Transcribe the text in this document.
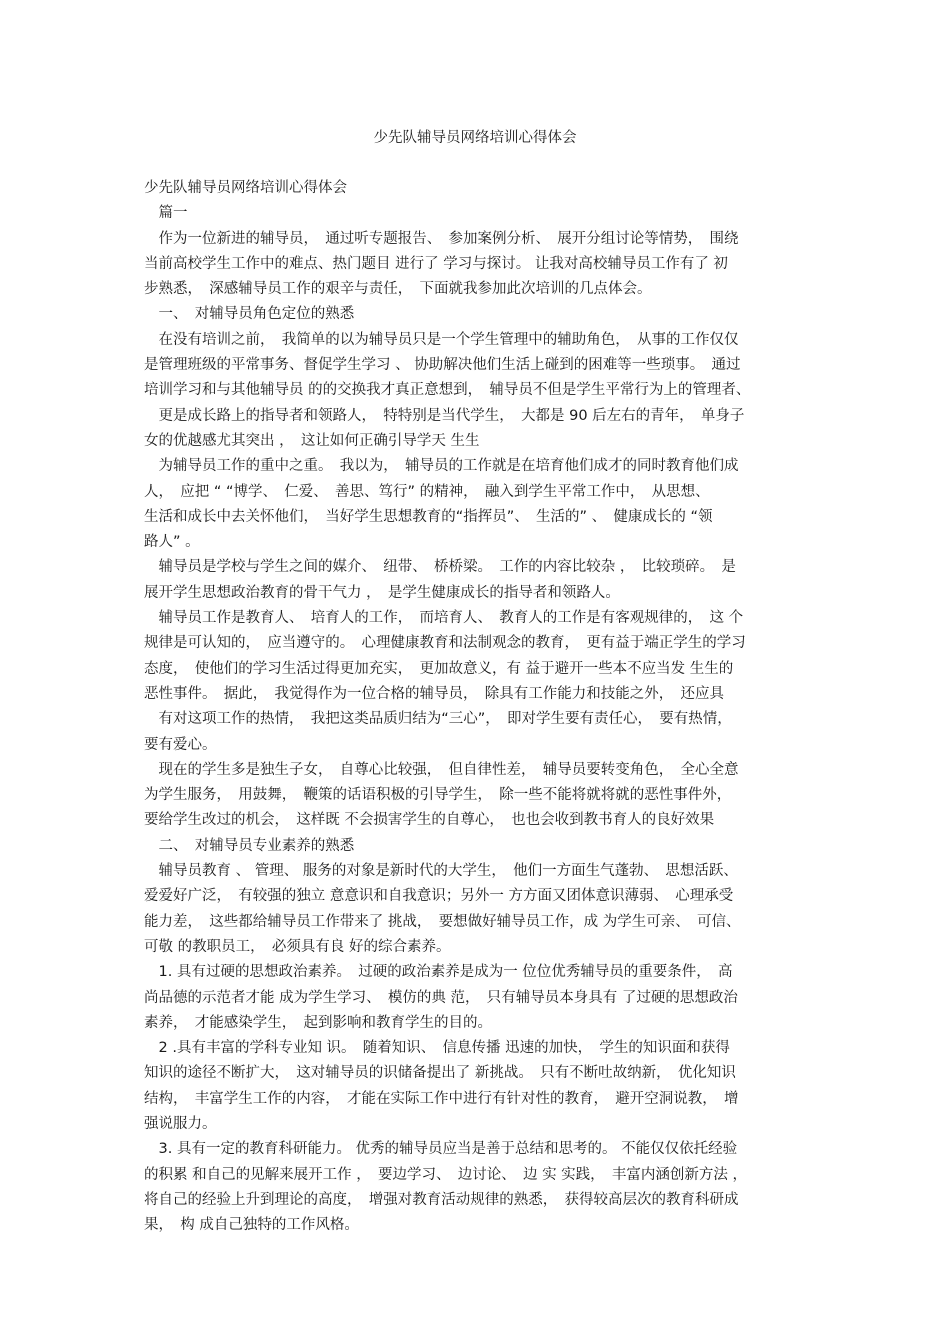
少先队辅导员网络培训心得体会
少先队辅导员网络培训心得体会
　篇一
　作为一位新进的辅导员，　通过听专题报告、　参加案例分析、　展开分组讨论等情势，　围绕
当前高校学生工作中的难点、热门题目 进行了 学习与探讨。 让我对高校辅导员工作有了 初
步熟悉，　深感辅导员工作的艰辛与责任，　下面就我参加此次培训的几点体会。
　一、　对辅导员角色定位的熟悉
　在没有培训之前，　我简单的以为辅导员只是一个学生管理中的辅助角色，　从事的工作仅仅
是管理班级的平常事务、督促学生学习 、 协助解决他们生活上碰到的困难等一些琐事。　通过
培训学习和与其他辅导员 的的交换我才真正意想到，　辅导员不但是学生平常行为上的管理者、
　更是成长路上的指导者和领路人，　特特别是当代学生，　大都是 90 后左右的青年，　单身子
女的优越感尤其突出 ，　这让如何正确引导学天 生生
　为辅导员工作的重中之重。　我以为，　辅导员的工作就是在培育他们成才的同时教育他们成
人，　应把 “ “博学、　仁爱、　善思、笃行” 的精神，　融入到学生平常工作中，　从思想、
生活和成长中去关怀他们，　当好学生思想教育的“指挥员”、　生活的” 、　健康成长的 “领
路人” 。
　辅导员是学校与学生之间的媒介、　纽带、　桥桥梁。　工作的内容比较杂 ，　比较琐碎。　是
展开学生思想政治教育的骨干气力 ，　是学生健康成长的指导者和领路人。
　辅导员工作是教育人、　培育人的工作，　而培育人、　教育人的工作是有客观规律的，　这 个
规律是可认知的，　应当遵守的。　心理健康教育和法制观念的教育，　更有益于端正学生的学习
态度，　使他们的学习生活过得更加充实，　更加故意义，有 益于避开一些本不应当发 生生的
恶性事件。　据此，　我觉得作为一位合格的辅导员，　除具有工作能力和技能之外，　还应具
　有对这项工作的热情，　我把这类品质归结为“三心”，　即对学生要有责任心，　要有热情，
要有爱心。
　现在的学生多是独生子女，　自尊心比较强，　但自律性差，　辅导员要转变角色，　全心全意
为学生服务，　用鼓舞，　鞭策的话语积极的引导学生，　除一些不能将就将就的恶性事件外，
要给学生改过的机会，　这样既 不会损害学生的自尊心，　也也会收到教书育人的良好效果
　二、　对辅导员专业素养的熟悉
　辅导员教育 、 管理、 服务的对象是新时代的大学生，　他们一方面生气蓬勃、　思想活跃、
爱爱好广泛，　有较强的独立 意意识和自我意识；另外一 方方面又团体意识薄弱、　心理承受
能力差，　这些都给辅导员工作带来了 挑战，　要想做好辅导员工作，成 为学生可亲、　可信、
可敬 的教职员工，　必须具有良 好的综合素养。
　1. 具有过硬的思想政治素养。　过硬的政治素养是成为一 位位优秀辅导员的重要条件，　高
尚品德的示范者才能 成为学生学习、　模仿的典 范，　只有辅导员本身具有 了过硬的思想政治
素养，　才能感染学生，　起到影响和教育学生的目的。
　2 .具有丰富的学科专业知 识。　随着知识、　信息传播 迅速的加快，　学生的知识面和获得
知识的途径不断扩大，　这对辅导员的识储备提出了 新挑战。　只有不断吐故纳新，　优化知识
结构，　丰富学生工作的内容，　才能在实际工作中进行有针对性的教育，　避开空洞说教，　增
强说服力。
　3. 具有一定的教育科研能力。 优秀的辅导员应当是善于总结和思考的。 不能仅仅依托经验
的积累 和自己的见解来展开工作 ，　要边学习、　边讨论、　边 实 实践，　丰富内涵创新方法 ，
将自己的经验上升到理论的高度，　增强对教育活动规律的熟悉，　获得较高层次的教育科研成
果，　构 成自己独特的工作风格。
